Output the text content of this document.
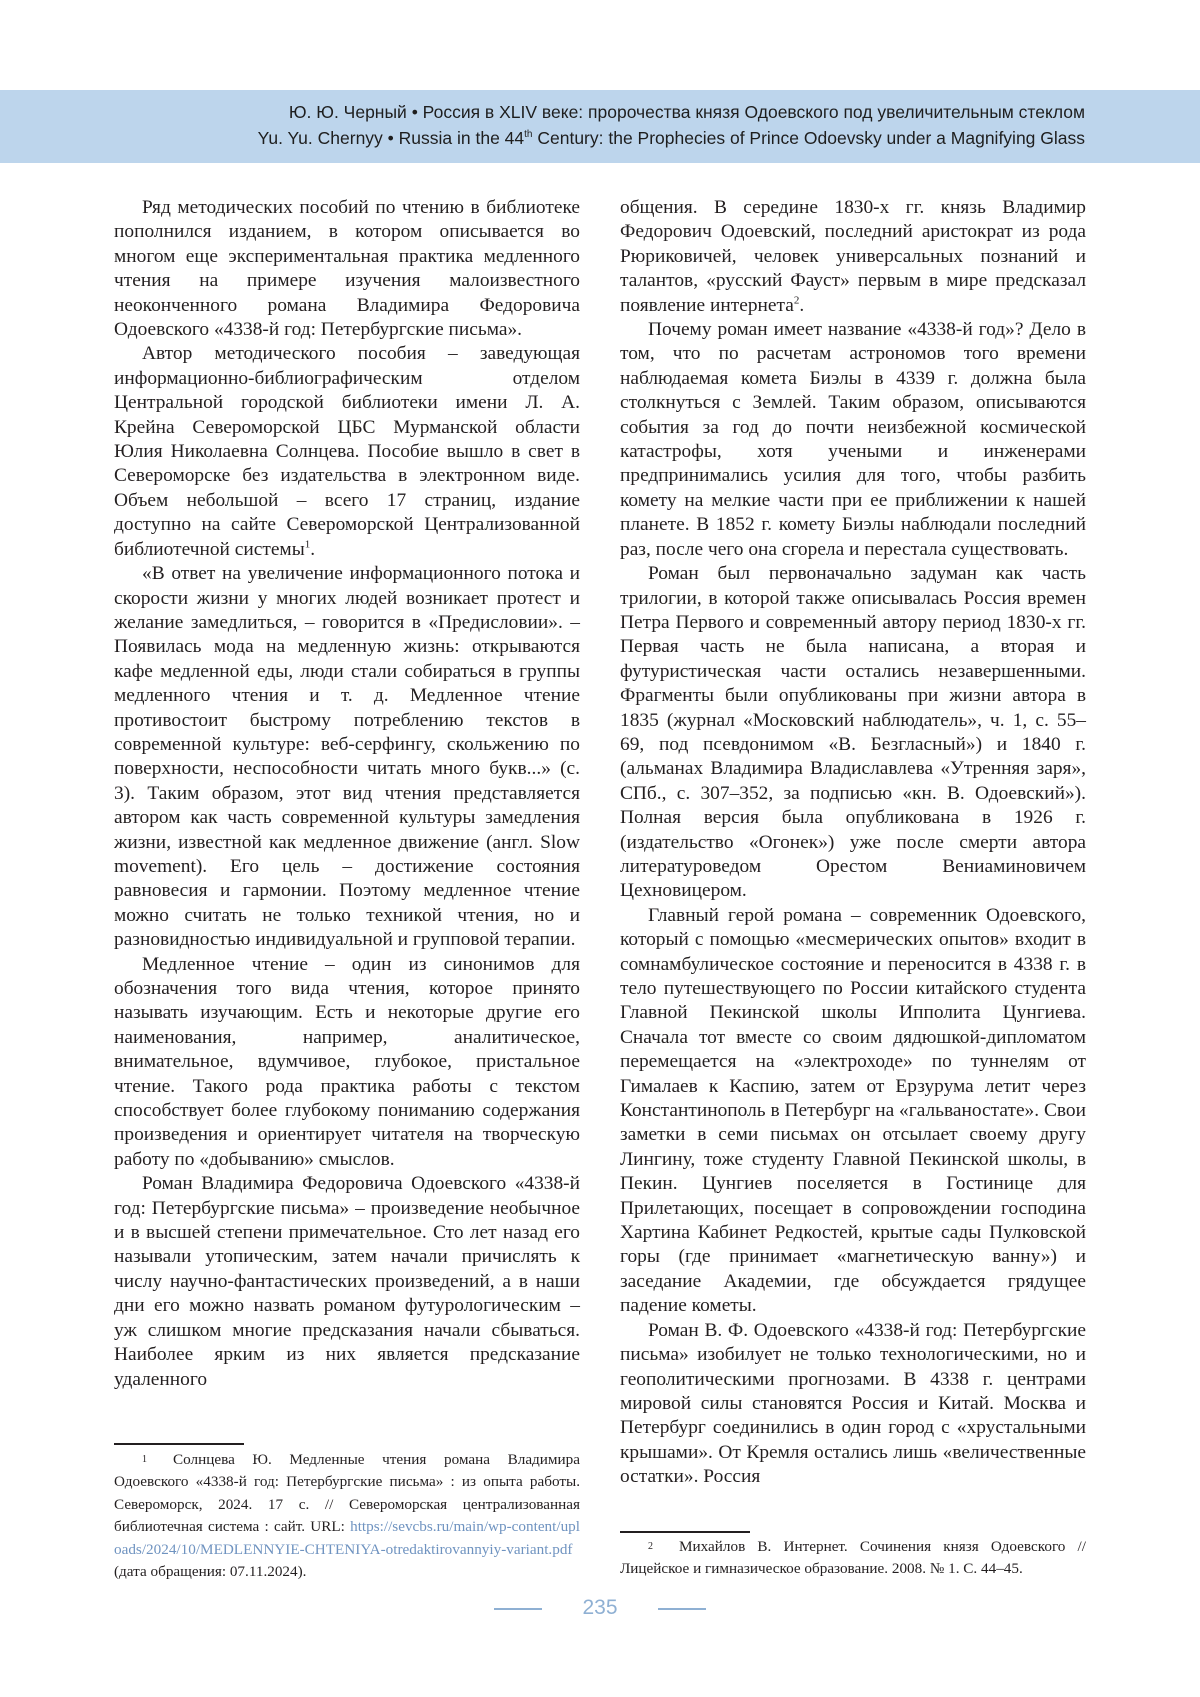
Ю. Ю. Черный • Россия в XLIV веке: пророчества князя Одоевского под увеличительным стеклом
Yu. Yu. Chernyy • Russia in the 44th Century: the Prophecies of Prince Odoevsky under a Magnifying Glass

Ряд методических пособий по чтению в библиотеке пополнился изданием, в котором описывается во многом еще экспериментальная практика медленного чтения на примере изучения малоизвестного неоконченного романа Владимира Федоровича Одоевского «4338-й год: Петербургские письма».

Автор методического пособия – заведующая информационно-библиографическим отделом Центральной городской библиотеки имени Л. А. Крейна Североморской ЦБС Мурманской области Юлия Николаевна Солнцева. Пособие вышло в свет в Североморске без издательства в электронном виде. Объем небольшой – всего 17 страниц, издание доступно на сайте Североморской Централизованной библиотечной системы1.

«В ответ на увеличение информационного потока и скорости жизни у многих людей возникает протест и желание замедлиться, – говорится в «Предисловии». – Появилась мода на медленную жизнь: открываются кафе медленной еды, люди стали собираться в группы медленного чтения и т. д. Медленное чтение противостоит быстрому потреблению текстов в современной культуре: веб-серфингу, скольжению по поверхности, неспособности читать много букв...» (с. 3). Таким образом, этот вид чтения представляется автором как часть современной культуры замедления жизни, известной как медленное движение (англ. Slow movement). Его цель – достижение состояния равновесия и гармонии. Поэтому медленное чтение можно считать не только техникой чтения, но и разновидностью индивидуальной и групповой терапии.

Медленное чтение – один из синонимов для обозначения того вида чтения, которое принято называть изучающим. Есть и некоторые другие его наименования, например, аналитическое, внимательное, вдумчивое, глубокое, пристальное чтение. Такого рода практика работы с текстом способствует более глубокому пониманию содержания произведения и ориентирует читателя на творческую работу по «добыванию» смыслов.

Роман Владимира Федоровича Одоевского «4338-й год: Петербургские письма» – произведение необычное и в высшей степени примечательное. Сто лет назад его называли утопическим, затем начали причислять к числу научно-фантастических произведений, а в наши дни его можно назвать романом футурологическим – уж слишком многие предсказания начали сбываться. Наиболее ярким из них является предсказание удаленного

общения. В середине 1830-х гг. князь Владимир Федорович Одоевский, последний аристократ из рода Рюриковичей, человек универсальных познаний и талантов, «русский Фауст» первым в мире предсказал появление интернета2.

Почему роман имеет название «4338-й год»? Дело в том, что по расчетам астрономов того времени наблюдаемая комета Биэлы в 4339 г. должна была столкнуться с Землей. Таким образом, описываются события за год до почти неизбежной космической катастрофы, хотя учеными и инженерами предпринимались усилия для того, чтобы разбить комету на мелкие части при ее приближении к нашей планете. В 1852 г. комету Биэлы наблюдали последний раз, после чего она сгорела и перестала существовать.

Роман был первоначально задуман как часть трилогии, в которой также описывалась Россия времен Петра Первого и современный автору период 1830-х гг. Первая часть не была написана, а вторая и футуристическая части остались незавершенными. Фрагменты были опубликованы при жизни автора в 1835 (журнал «Московский наблюдатель», ч. 1, с. 55–69, под псевдонимом «В. Безгласный») и 1840 г. (альманах Владимира Владиславлева «Утренняя заря», СПб., с. 307–352, за подписью «кн. В. Одоевский»). Полная версия была опубликована в 1926 г. (издательство «Огонек») уже после смерти автора литературоведом Орестом Вениаминовичем Цехновицером.

Главный герой романа – современник Одоевского, который с помощью «месмерических опытов» входит в сомнамбулическое состояние и переносится в 4338 г. в тело путешествующего по России китайского студента Главной Пекинской школы Ипполита Цунгиева. Сначала тот вместе со своим дядюшкой-дипломатом перемещается на «электроходе» по туннелям от Гималаев к Каспию, затем от Ерзурума летит через Константинополь в Петербург на «гальваностате». Свои заметки в семи письмах он отсылает своему другу Лингину, тоже студенту Главной Пекинской школы, в Пекин. Цунгиев поселяется в Гостинице для Прилетающих, посещает в сопровождении господина Хартина Кабинет Редкостей, крытые сады Пулковской горы (где принимает «магнетическую ванну») и заседание Академии, где обсуждается грядущее падение кометы.

Роман В. Ф. Одоевского «4338-й год: Петербургские письма» изобилует не только технологическими, но и геополитическими прогнозами. В 4338 г. центрами мировой силы становятся Россия и Китай. Москва и Петербург соединились в один город с «хрустальными крышами». От Кремля остались лишь «величественные остатки». Россия

1 Солнцева Ю. Медленные чтения романа Владимира Одоевского «4338-й год: Петербургские письма» : из опыта работы. Североморск, 2024. 17 с. // Североморская централизованная библиотечная система : сайт. URL: https://sevcbs.ru/main/wp-content/uploads/2024/10/MEDLENNYIE-CHTENIYA-otredaktirovannyiy-variant.pdf (дата обращения: 07.11.2024).

2 Михайлов В. Интернет. Сочинения князя Одоевского // Лицейское и гимназическое образование. 2008. № 1. С. 44–45.

235
